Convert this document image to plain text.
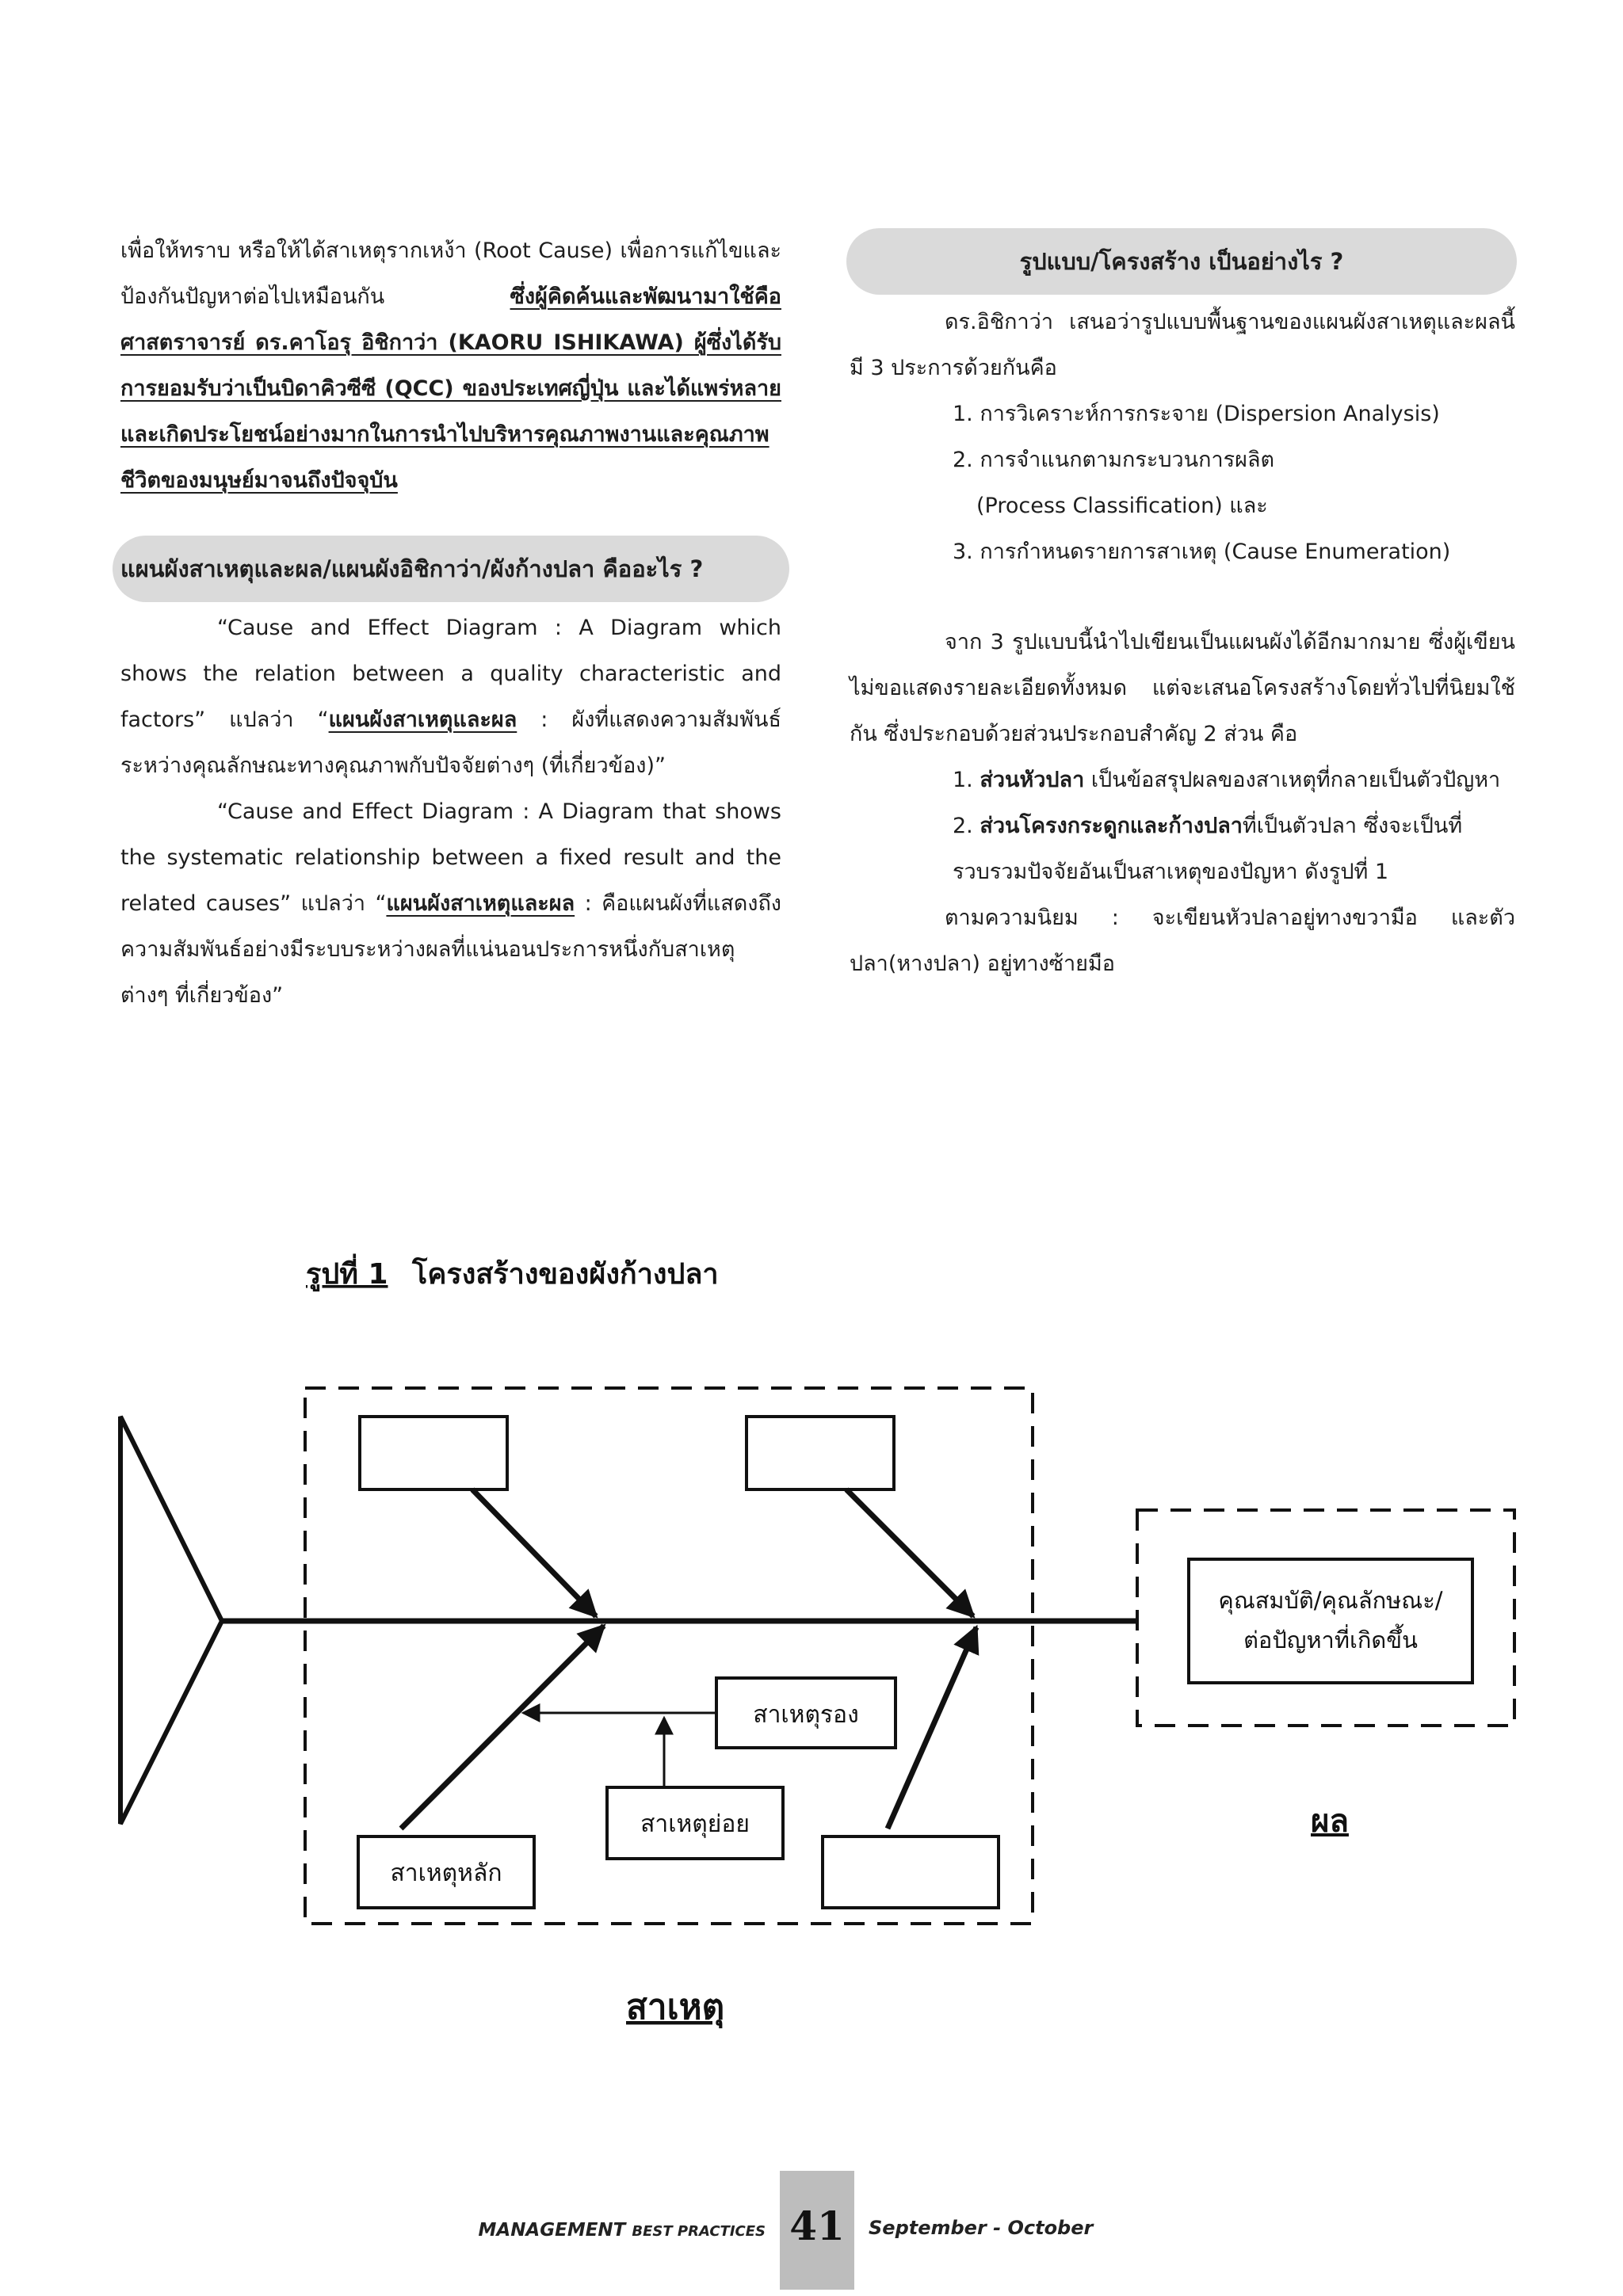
เพื่อให้ทราบ หรือให้ได้สาเหตุรากเหง้า (Root Cause) เพื่อการแก้ไขและป้องกันปัญหาต่อไปเหมือนกัน ซึ่งผู้คิดค้นและพัฒนามาใช้คือ ศาสตราจารย์ ดร.คาโอรุ อิชิกาว่า (KAORU ISHIKAWA) ผู้ซึ่งได้รับการยอมรับว่าเป็นบิดาคิวซีซี (QCC) ของประเทศญี่ปุ่น และได้แพร่หลายและเกิดประโยชน์อย่างมากในการนำไปบริหารคุณภาพงานและคุณภาพชีวิตของมนุษย์มาจนถึงปัจจุบัน

แผนผังสาเหตุและผล/แผนผังอิชิกาว่า/ผังก้างปลา คืออะไร ?

“Cause and Effect Diagram : A Diagram which shows the relation between a quality characteristic and factors” แปลว่า “แผนผังสาเหตุและผล : ผังที่แสดงความสัมพันธ์ระหว่างคุณลักษณะทางคุณภาพกับปัจจัยต่างๆ (ที่เกี่ยวข้อง)”

“Cause and Effect Diagram : A Diagram that shows the systematic relationship between a fixed result and the related causes” แปลว่า “แผนผังสาเหตุและผล : คือแผนผังที่แสดงถึงความสัมพันธ์อย่างมีระบบระหว่างผลที่แน่นอนประการหนึ่งกับสาเหตุต่างๆ ที่เกี่ยวข้อง”

รูปแบบ/โครงสร้าง เป็นอย่างไร ?

ดร.อิชิกาว่า เสนอว่ารูปแบบพื้นฐานของแผนผังสาเหตุและผลนี้มี 3 ประการด้วยกันคือ

1. การวิเคราะห์การกระจาย (Dispersion Analysis)

2. การจำแนกตามกระบวนการผลิต

(Process Classification) และ

3. การกำหนดรายการสาเหตุ (Cause Enumeration)

จาก 3 รูปแบบนี้นำไปเขียนเป็นแผนผังได้อีกมากมาย ซึ่งผู้เขียนไม่ขอแสดงรายละเอียดทั้งหมด แต่จะเสนอโครงสร้างโดยทั่วไปที่นิยมใช้กัน ซึ่งประกอบด้วยส่วนประกอบสำคัญ 2 ส่วน คือ

1. ส่วนหัวปลา เป็นข้อสรุปผลของสาเหตุที่กลายเป็นตัวปัญหา

2. ส่วนโครงกระดูกและก้างปลาที่เป็นตัวปลา ซึ่งจะเป็นที่รวบรวมปัจจัยอันเป็นสาเหตุของปัญหา ดังรูปที่ 1

ตามความนิยม : จะเขียนหัวปลาอยู่ทางขวามือ และตัวปลา(หางปลา) อยู่ทางซ้ายมือ

รูปที่ 1 โครงสร้างของผังก้างปลา
สาเหตุรอง
สาเหตุย่อย
สาเหตุหลัก
คุณสมบัติ/คุณลักษณะ/
ต่อปัญหาที่เกิดขึ้น
สาเหตุ
ผล
MANAGEMENT BEST PRACTICES 41	September - October
